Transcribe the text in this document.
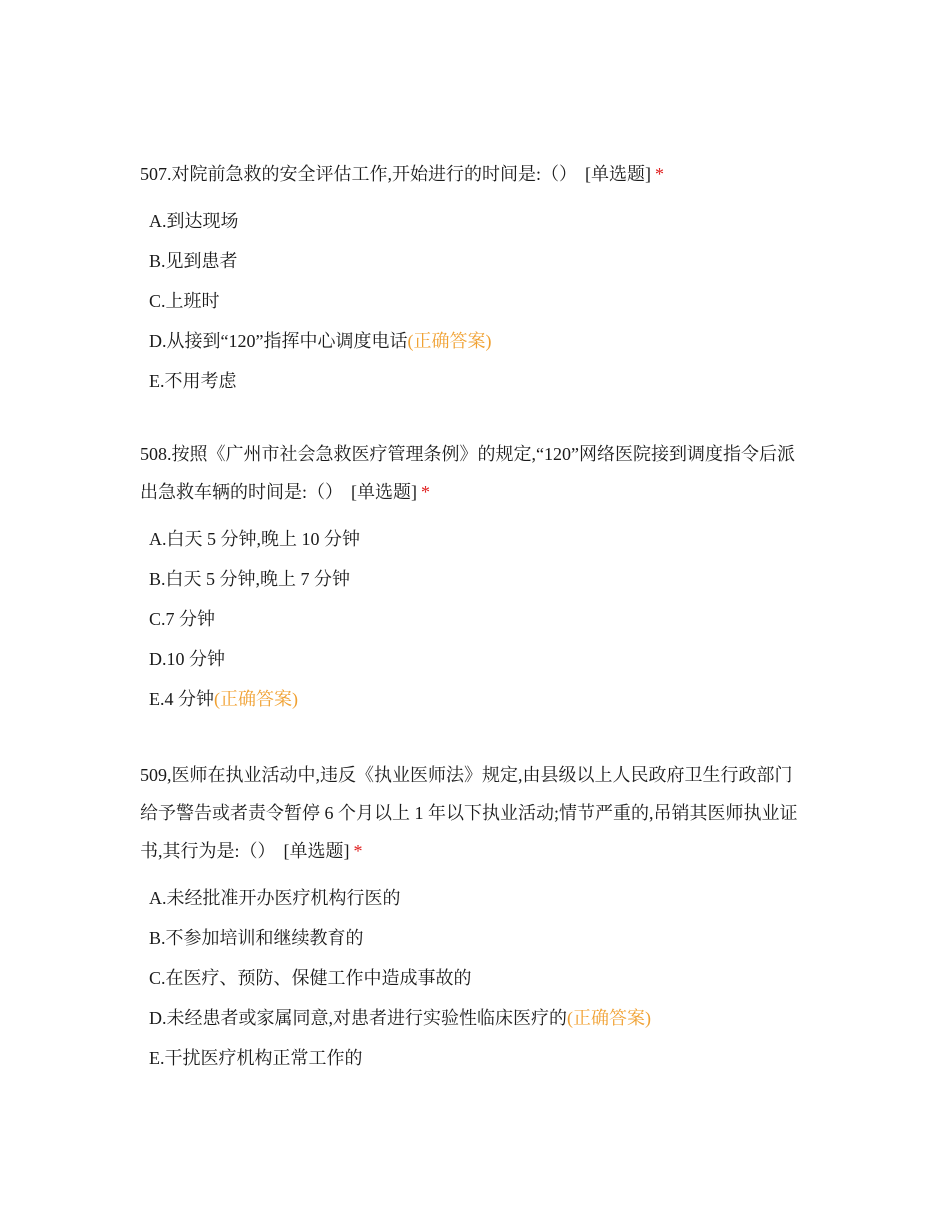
507.对院前急救的安全评估工作,开始进行的时间是:（） [单选题] *

A.到达现场
B.见到患者
C.上班时
D.从接到“120”指挥中心调度电话(正确答案)
E.不用考虑

508.按照《广州市社会急救医疗管理条例》的规定,“120”网络医院接到调度指令后派出急救车辆的时间是:（） [单选题] *

A.白天 5 分钟,晚上 10 分钟
B.白天 5 分钟,晚上 7 分钟
C.7 分钟
D.10 分钟
E.4 分钟(正确答案)

509,医师在执业活动中,违反《执业医师法》规定,由县级以上人民政府卫生行政部门给予警告或者责令暂停 6 个月以上 1 年以下执业活动;情节严重的,吊销其医师执业证书,其行为是:（） [单选题] *

A.未经批准开办医疗机构行医的
B.不参加培训和继续教育的
C.在医疗、预防、保健工作中造成事故的
D.未经患者或家属同意,对患者进行实验性临床医疗的(正确答案)
E.干扰医疗机构正常工作的
